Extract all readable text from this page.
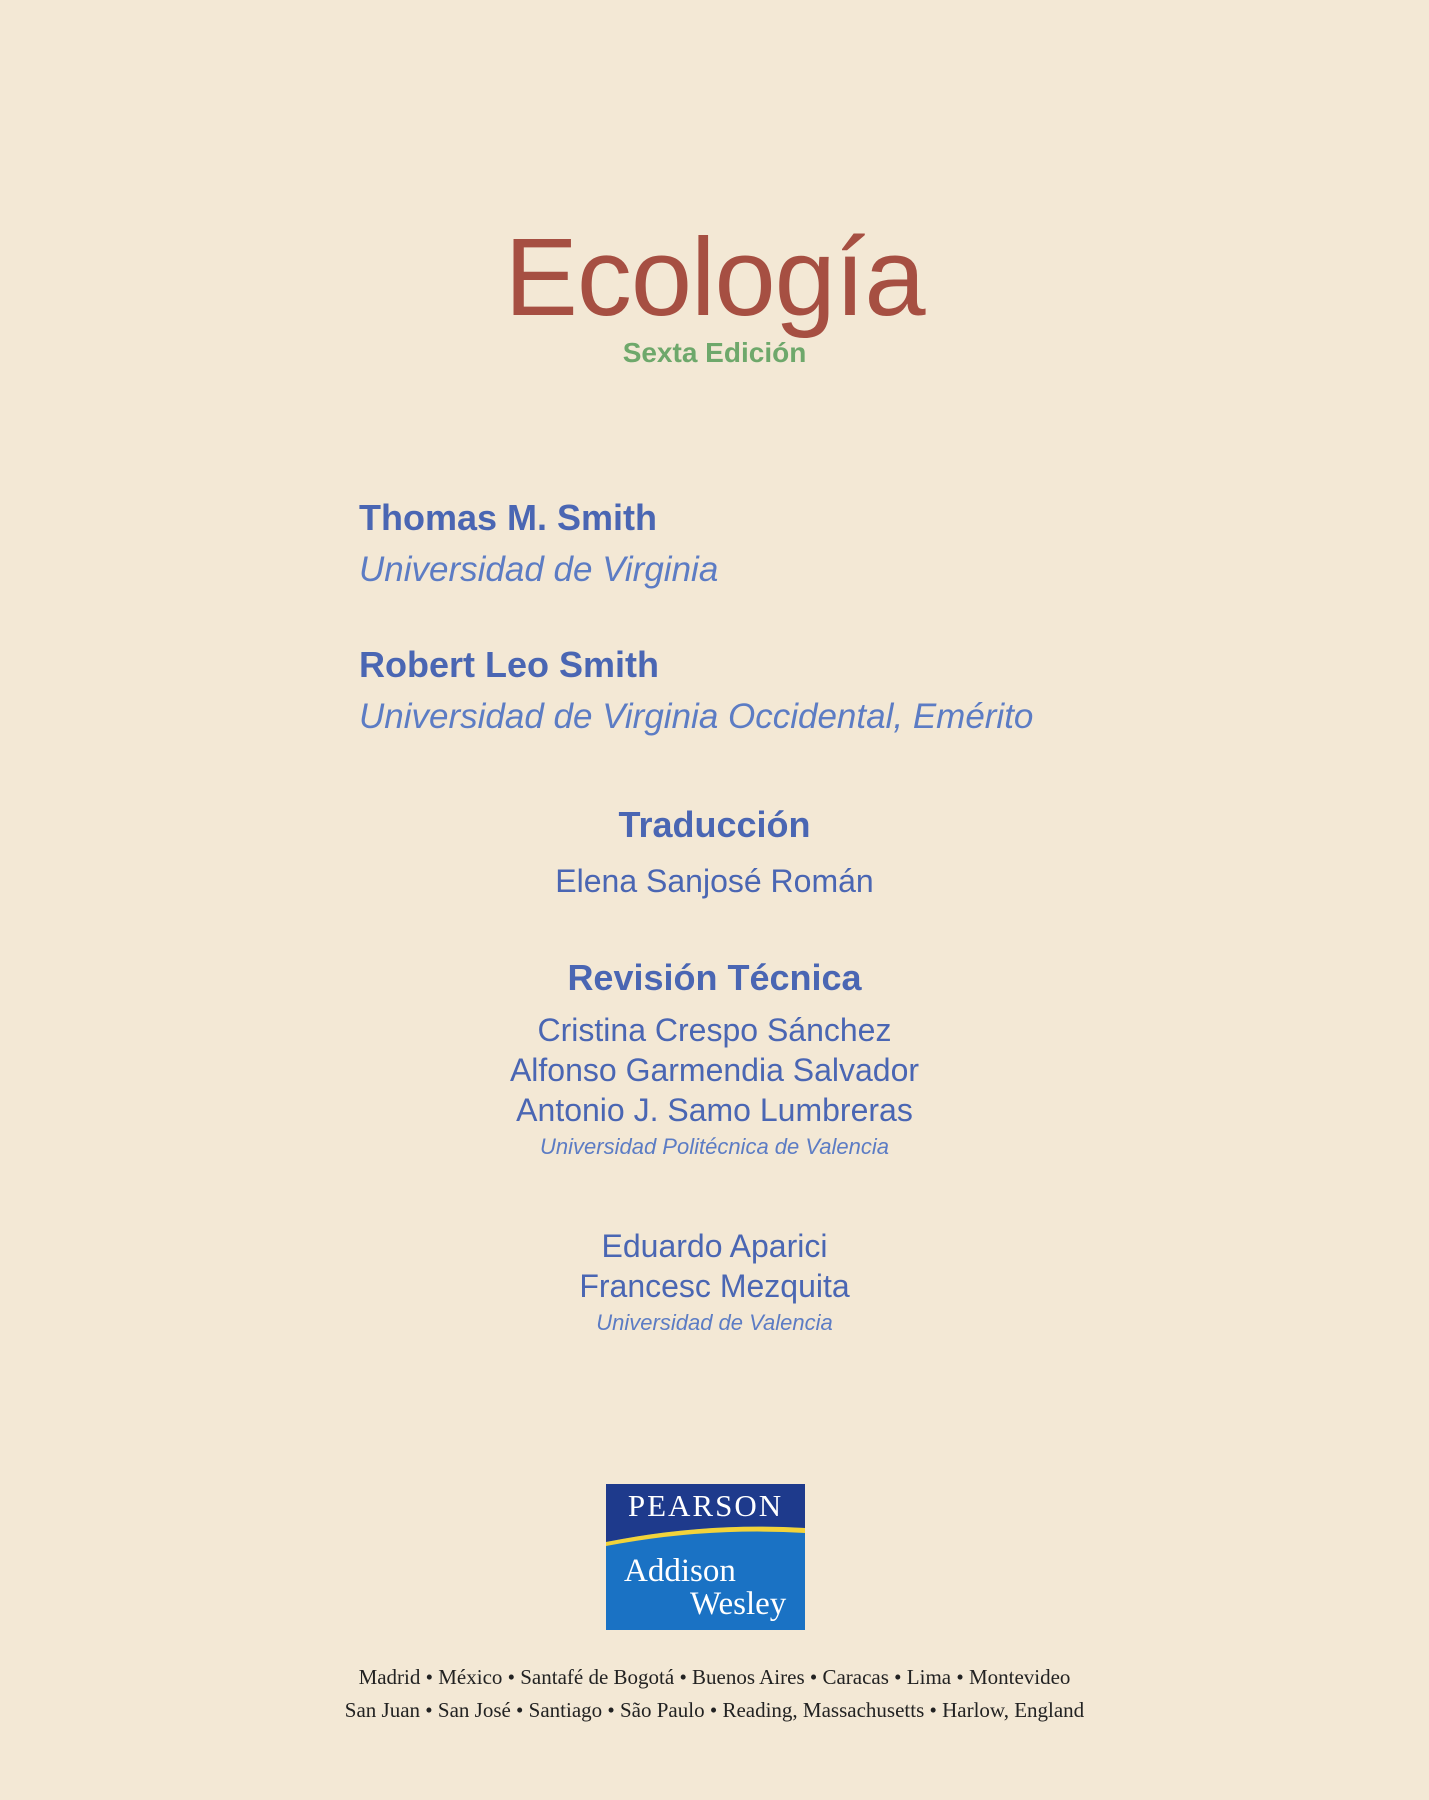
Ecología
Sexta Edición
Thomas M. Smith
Universidad de Virginia
Robert Leo Smith
Universidad de Virginia Occidental, Emérito
Traducción
Elena Sanjosé Román
Revisión Técnica
Cristina Crespo Sánchez
Alfonso Garmendia Salvador
Antonio J. Samo Lumbreras
Universidad Politécnica de Valencia
Eduardo Aparici
Francesc Mezquita
Universidad de Valencia
PEARSON
Addison
Wesley
Madrid • México • Santafé de Bogotá • Buenos Aires • Caracas • Lima • Montevideo
San Juan • San José • Santiago • São Paulo • Reading, Massachusetts • Harlow, England
